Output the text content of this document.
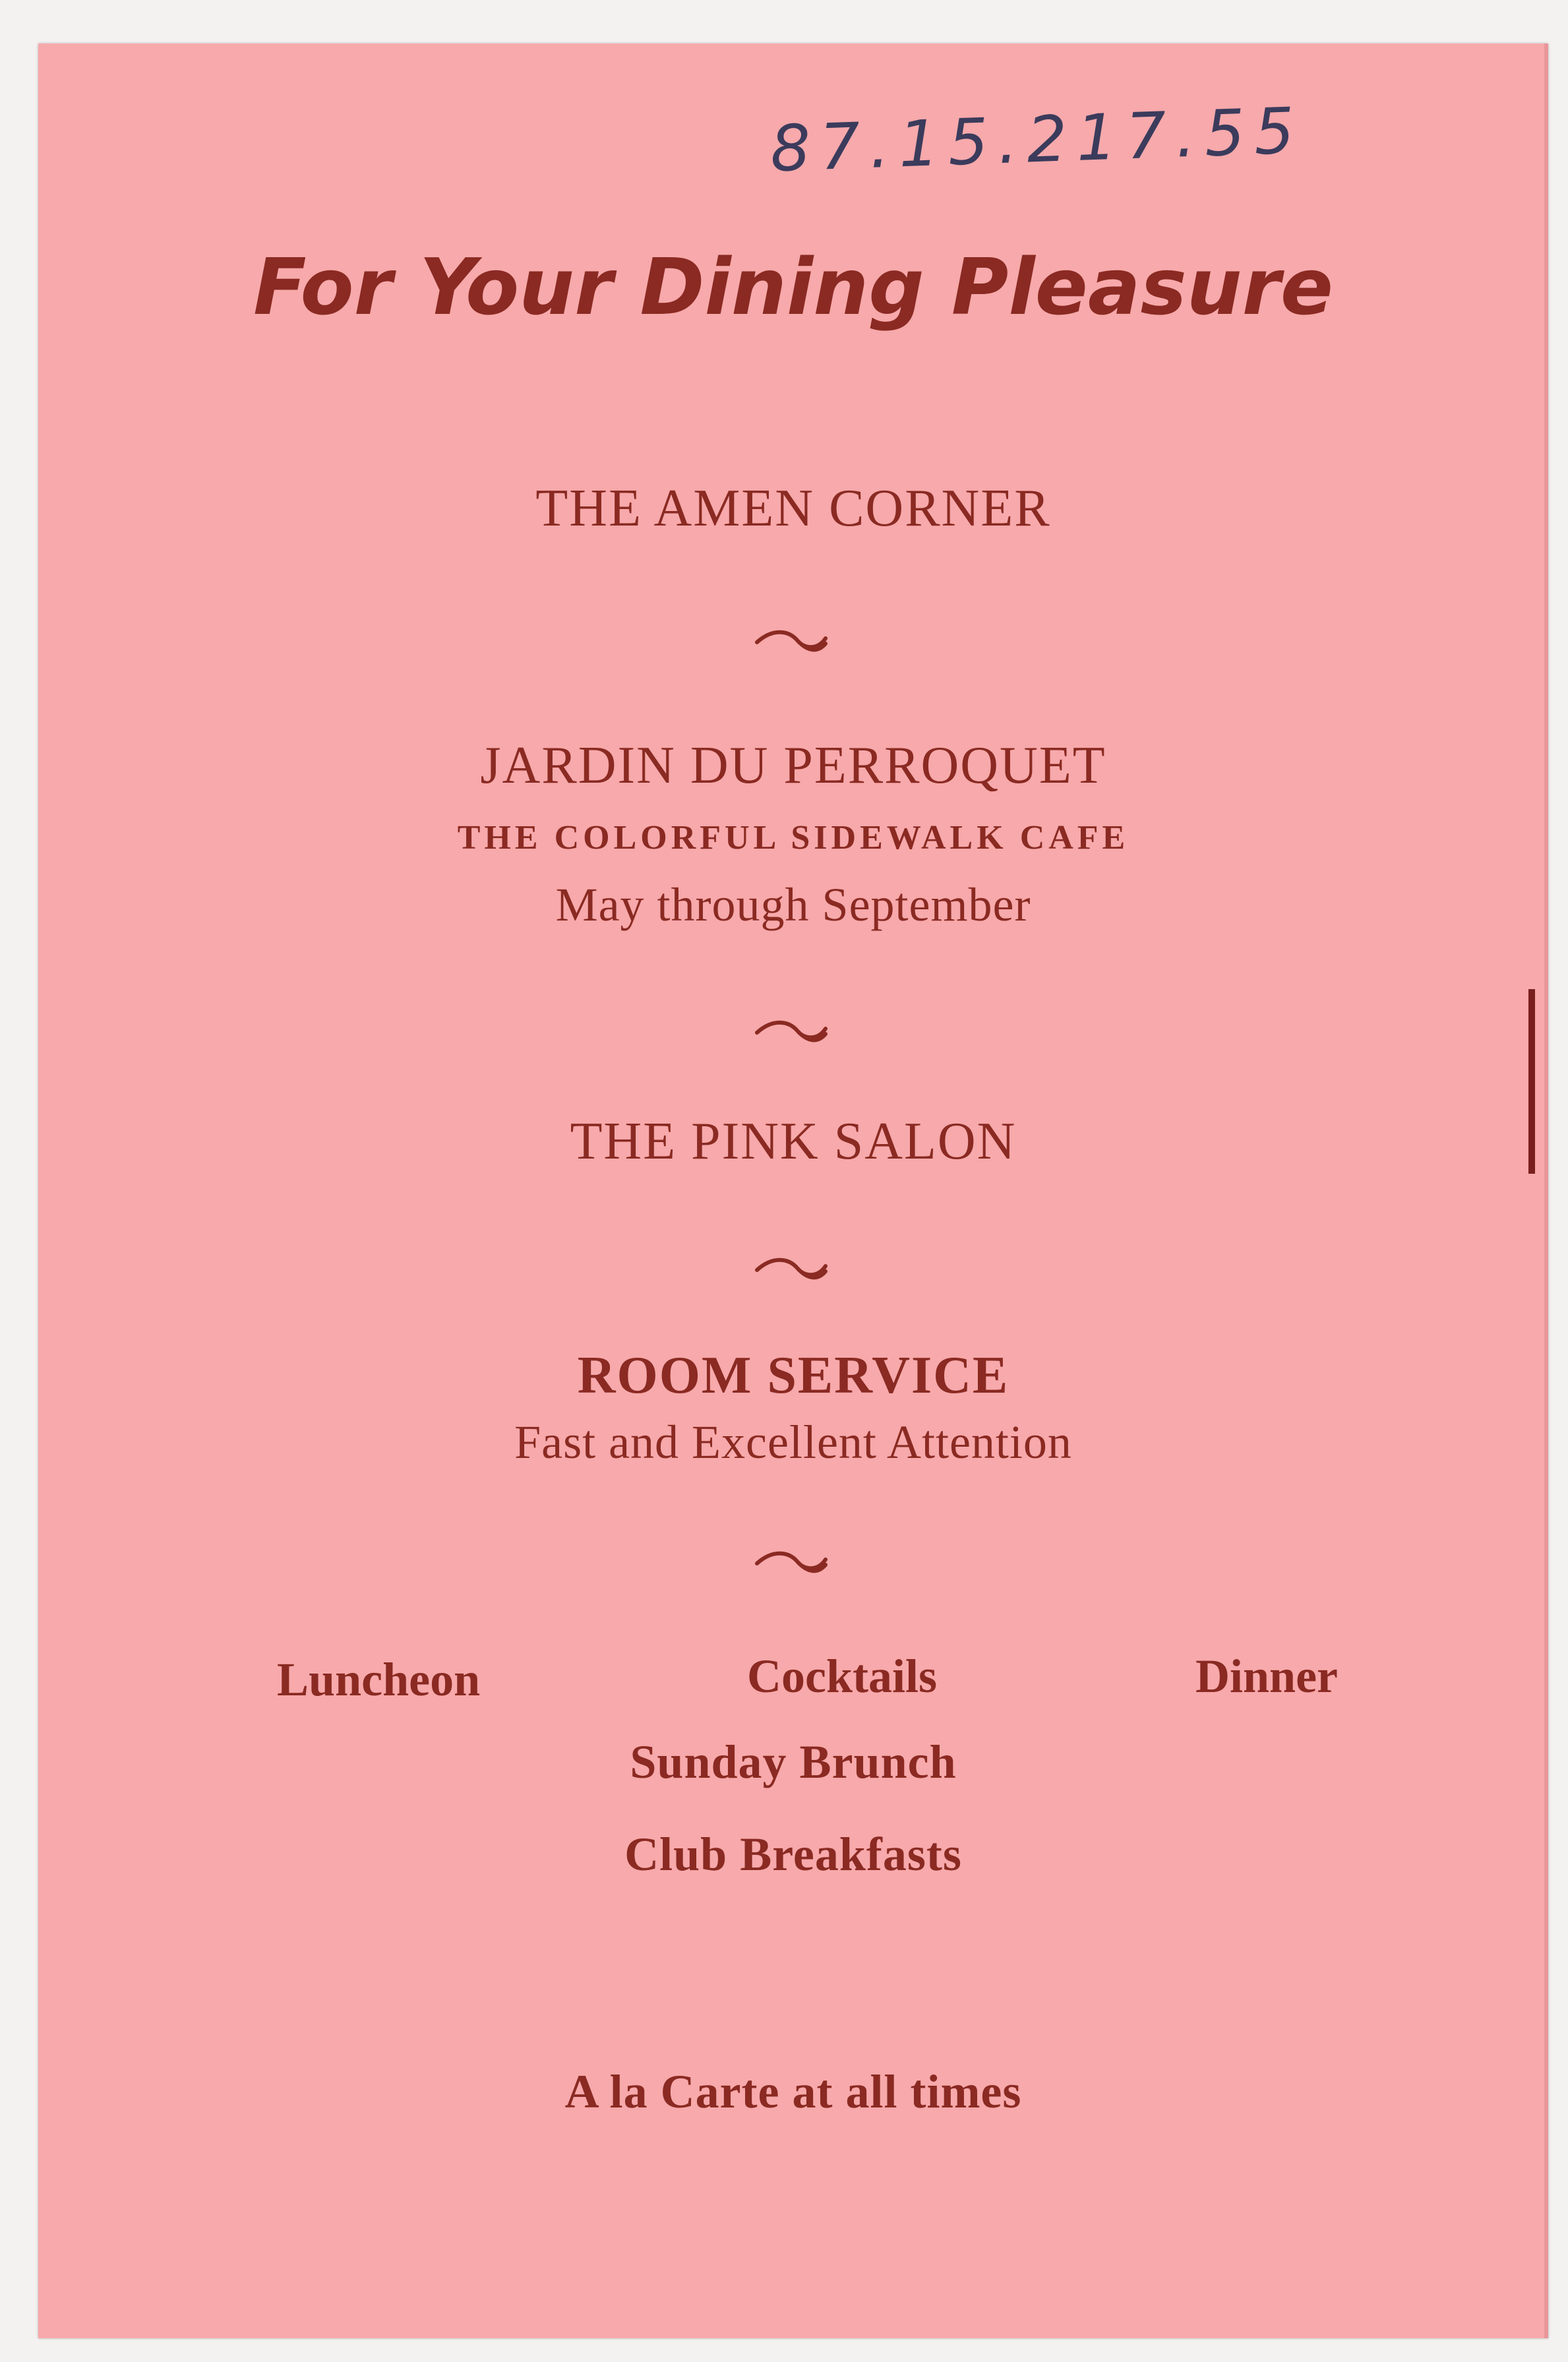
87.15.217.55
For Your Dining Pleasure
THE AMEN CORNER
JARDIN DU PERROQUET
THE COLORFUL SIDEWALK CAFE
May through September
THE PINK SALON
ROOM SERVICE
Fast and Excellent Attention
Luncheon	Cocktails	Dinner
Sunday Brunch
Club Breakfasts
A la Carte at all times
